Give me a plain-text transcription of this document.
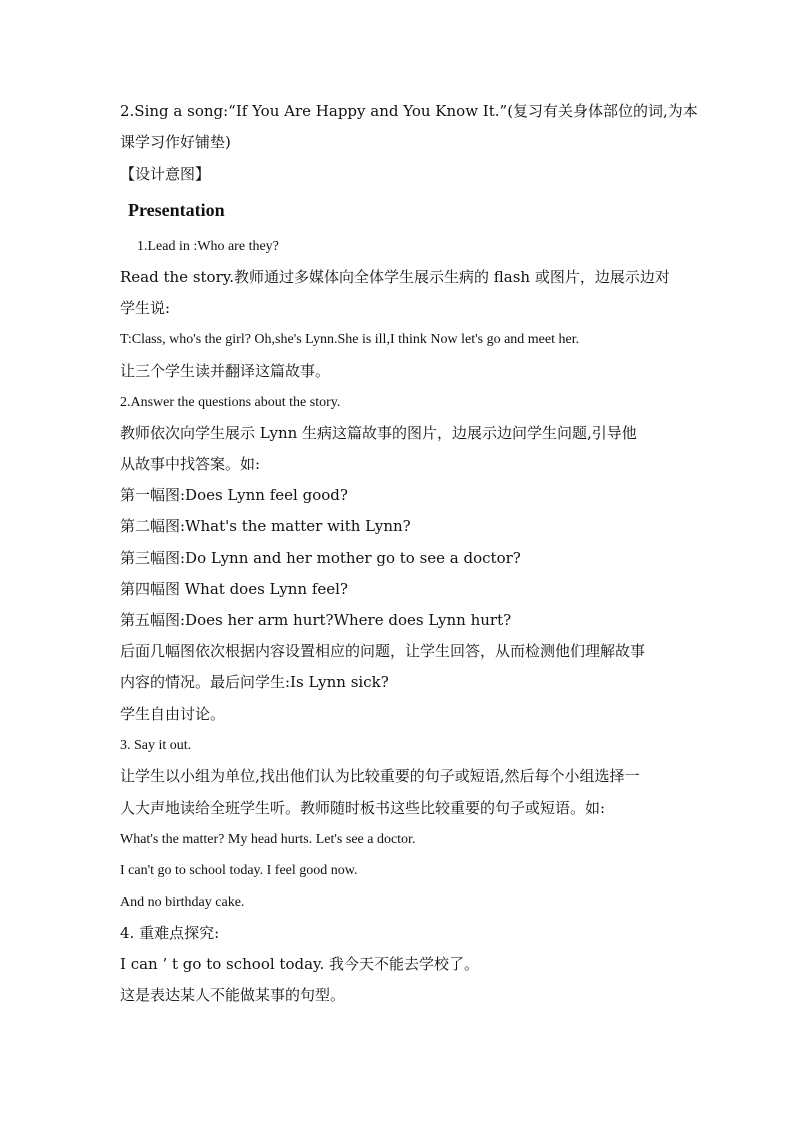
2.Sing a song:“If You Are Happy and You Know It.”(复习有关身体部位的词,为本
课学习作好铺垫)
【设计意图】
Presentation
1.Lead in :Who are they?
Read the story.教师通过多媒体向全体学生展示生病的 flash 或图片，边展示边对
学生说:
T:Class, who's the girl? Oh,she's Lynn.She is ill,I think Now let's go and meet her.
让三个学生读并翻译这篇故事。
2.Answer the questions about the story.
教师依次向学生展示 Lynn 生病这篇故事的图片，边展示边问学生问题,引导他
从故事中找答案。如:
第一幅图:Does Lynn feel good?
第二幅图:What's the matter with Lynn?
第三幅图:Do Lynn and her mother go to see a doctor?
第四幅图 What does Lynn feel?
第五幅图:Does her arm hurt?Where does Lynn hurt?
后面几幅图依次根据内容设置相应的问题，让学生回答，从而检测他们理解故事
内容的情况。最后问学生:Is Lynn sick?
学生自由讨论。
3. Say it out.
让学生以小组为单位,找出他们认为比较重要的句子或短语,然后每个小组选择一
人大声地读给全班学生听。教师随时板书这些比较重要的句子或短语。如:
What's the matter? My head hurts. Let's see a doctor.
I can't go to school today. I feel good now.
And no birthday cake.
4. 重难点探究:
I can ’ t go to school today. 我今天不能去学校了。
这是表达某人不能做某事的句型。
